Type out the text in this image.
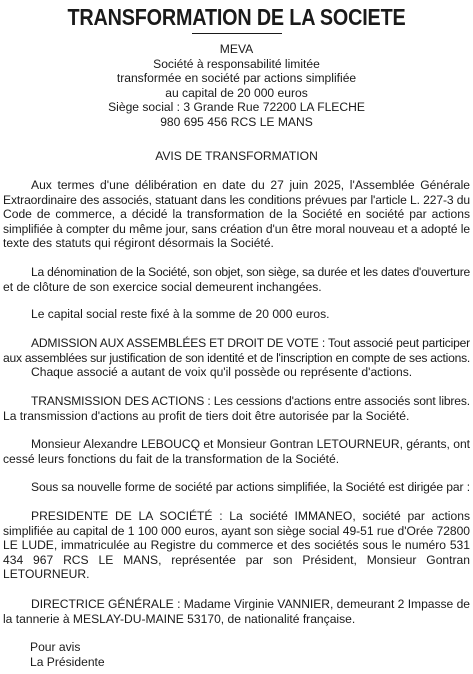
TRANSFORMATION DE LA SOCIETE
MEVA
Société à responsabilité limitée
transformée en société par actions simplifiée
au capital de 20 000 euros
Siège social : 3 Grande Rue 72200 LA FLECHE
980 695 456 RCS LE MANS
AVIS DE TRANSFORMATION
Aux termes d'une délibération en date du 27 juin 2025, l'Assemblée Générale
Extraordinaire des associés, statuant dans les conditions prévues par l'article L. 227-3 du
Code de commerce, a décidé la transformation de la Société en société par actions
simplifiée à compter du même jour, sans création d'un être moral nouveau et a adopté le
texte des statuts qui régiront désormais la Société.
La dénomination de la Société, son objet, son siège, sa durée et les dates d'ouverture
et de clôture de son exercice social demeurent inchangées.
Le capital social reste fixé à la somme de 20 000 euros.
ADMISSION AUX ASSEMBLÉES ET DROIT DE VOTE : Tout associé peut participer
aux assemblées sur justification de son identité et de l'inscription en compte de ses actions.
Chaque associé a autant de voix qu'il possède ou représente d'actions.
TRANSMISSION DES ACTIONS : Les cessions d'actions entre associés sont libres.
La transmission d'actions au profit de tiers doit être autorisée par la Société.
Monsieur Alexandre LEBOUCQ et Monsieur Gontran LETOURNEUR, gérants, ont
cessé leurs fonctions du fait de la transformation de la Société.
Sous sa nouvelle forme de société par actions simplifiée, la Société est dirigée par :
PRESIDENTE DE LA SOCIÉTÉ : La société IMMANEO, société par actions
simplifiée au capital de 1 100 000 euros, ayant son siège social 49-51 rue d'Orée 72800
LE LUDE, immatriculée au Registre du commerce et des sociétés sous le numéro 531
434 967 RCS LE MANS, représentée par son Président, Monsieur Gontran
LETOURNEUR.
DIRECTRICE GÉNÉRALE : Madame Virginie VANNIER, demeurant 2 Impasse de
la tannerie à MESLAY-DU-MAINE 53170, de nationalité française.
Pour avis
La Présidente
